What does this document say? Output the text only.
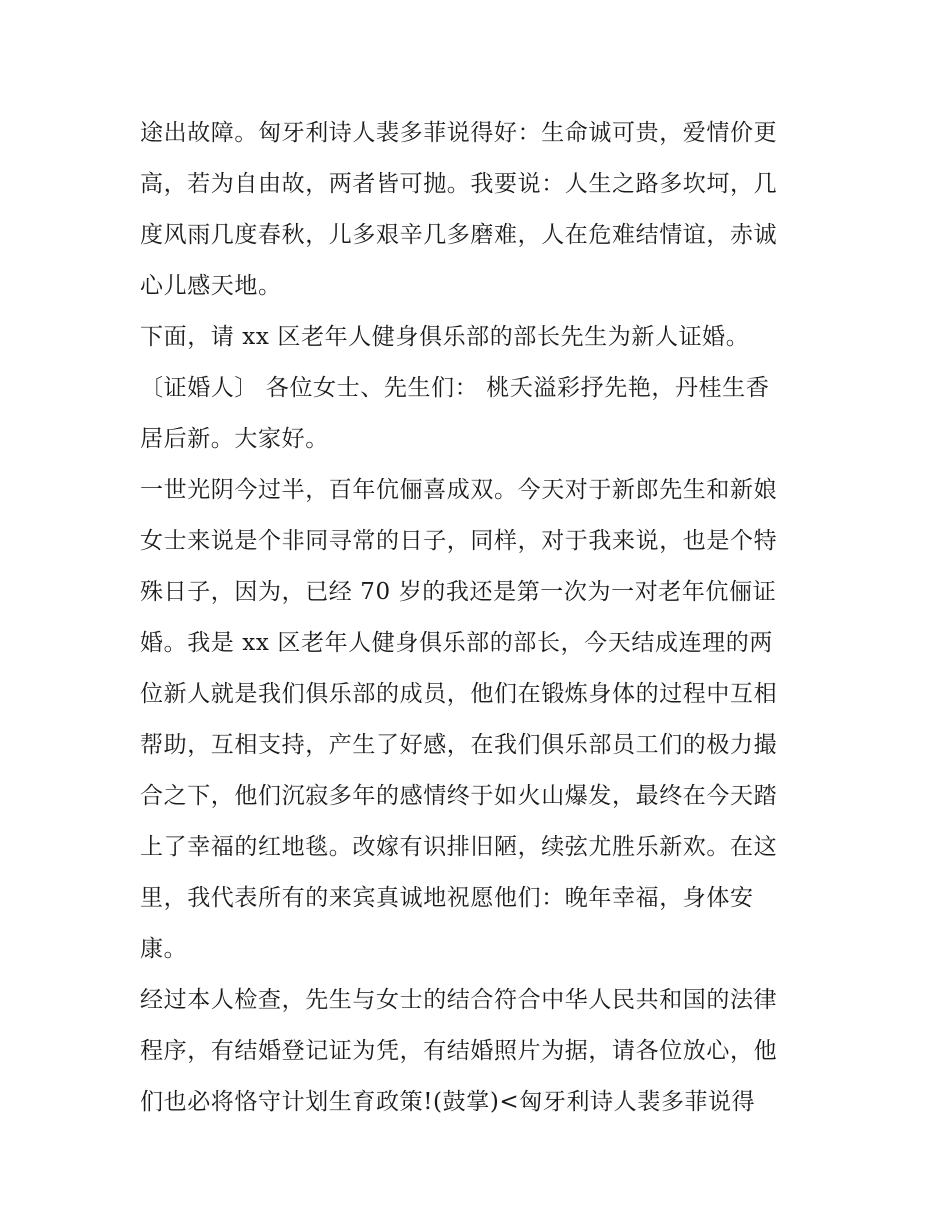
途出故障。匈牙利诗人裴多菲说得好：生命诚可贵，爱情价更
高，若为自由故，两者皆可抛。我要说：人生之路多坎坷，几
度风雨几度春秋，儿多艰辛几多磨难，人在危难结情谊，赤诚
心儿感天地。
下面，请 xx 区老年人健身俱乐部的部长先生为新人证婚。
〔证婚人〕 各位女士、先生们： 桃夭溢彩抒先艳，丹桂生香
居后新。大家好。
一世光阴今过半，百年伉俪喜成双。今天对于新郎先生和新娘
女士来说是个非同寻常的日子，同样，对于我来说，也是个特
殊日子，因为，已经 70 岁的我还是第一次为一对老年伉俪证
婚。我是 xx 区老年人健身俱乐部的部长，今天结成连理的两
位新人就是我们俱乐部的成员，他们在锻炼身体的过程中互相
帮助，互相支持，产生了好感，在我们俱乐部员工们的极力撮
合之下，他们沉寂多年的感情终于如火山爆发，最终在今天踏
上了幸福的红地毯。改嫁有识排旧陋，续弦尤胜乐新欢。在这
里，我代表所有的来宾真诚地祝愿他们：晚年幸福，身体安
康。
经过本人检查，先生与女士的结合符合中华人民共和国的法律
程序，有结婚登记证为凭，有结婚照片为据，请各位放心，他
们也必将恪守计划生育政策!(鼓掌)<匈牙利诗人裴多菲说得
